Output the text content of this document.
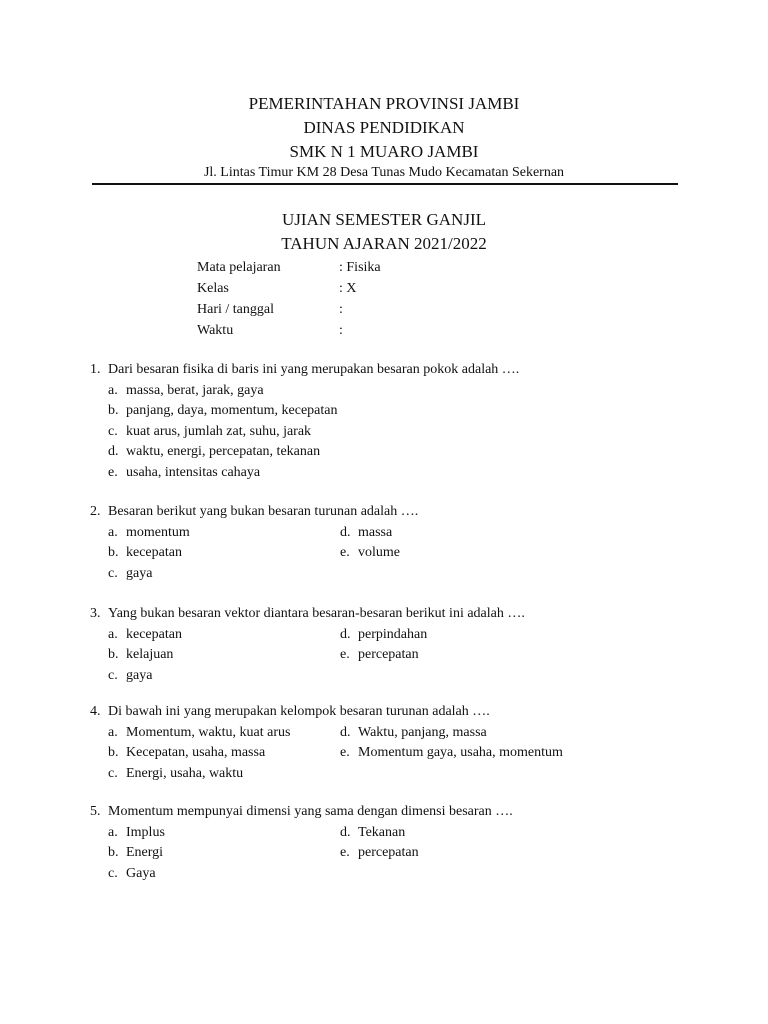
PEMERINTAHAN PROVINSI JAMBI
DINAS PENDIDIKAN
SMK N 1 MUARO JAMBI
Jl. Lintas Timur KM 28 Desa Tunas Mudo Kecamatan Sekernan
UJIAN SEMESTER GANJIL
TAHUN AJARAN 2021/2022
Mata pelajaran	: Fisika
Kelas	: X
Hari / tanggal	:
Waktu	:
1. Dari besaran fisika di baris ini yang merupakan besaran pokok adalah ….
a. massa, berat, jarak, gaya
b. panjang, daya, momentum, kecepatan
c. kuat arus, jumlah zat, suhu, jarak
d. waktu, energi, percepatan, tekanan
e. usaha, intensitas cahaya
2. Besaran berikut yang bukan besaran turunan adalah ….
a. momentum	d. massa
b. kecepatan	e. volume
c. gaya
3. Yang bukan besaran vektor diantara besaran-besaran berikut ini adalah ….
a. kecepatan	d. perpindahan
b. kelajuan	e. percepatan
c. gaya
4. Di bawah ini yang merupakan kelompok besaran turunan adalah ….
a. Momentum, waktu, kuat arus	d. Waktu, panjang, massa
b. Kecepatan, usaha, massa	e. Momentum gaya, usaha, momentum
c. Energi, usaha, waktu
5. Momentum mempunyai dimensi yang sama dengan dimensi besaran ….
a. Implus	d. Tekanan
b. Energi	e. percepatan
c. Gaya
